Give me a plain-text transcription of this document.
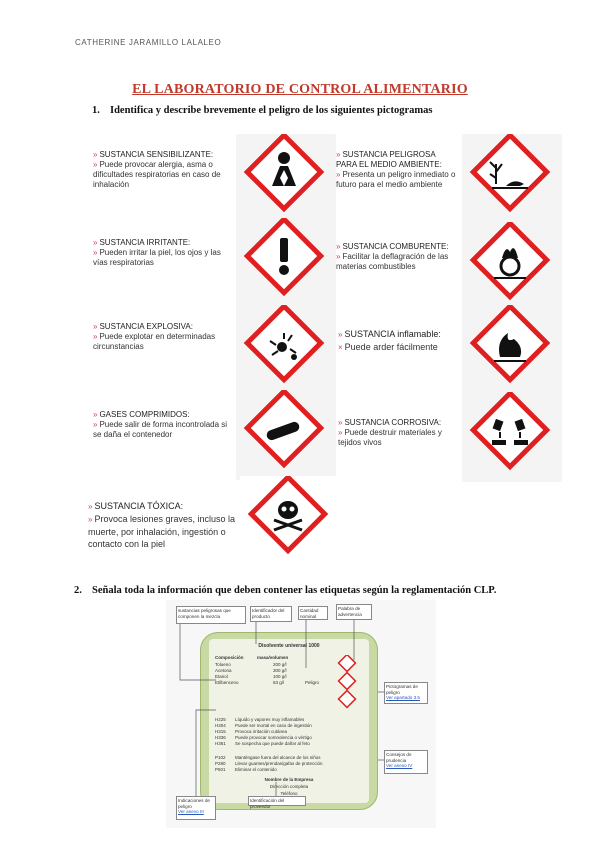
CATHERINE JARAMILLO LALALEO
EL LABORATORIO DE CONTROL ALIMENTARIO
1. Identifica y describe brevemente el peligro de los siguientes pictogramas
» SUSTANCIA SENSIBILIZANTE:
» Puede provocar alergia, asma o dificultades respiratorias en caso de inhalación
» SUSTANCIA PELIGROSA PARA EL MEDIO AMBIENTE:
» Presenta un peligro inmediato o futuro para el medio ambiente
» SUSTANCIA IRRITANTE:
» Pueden irritar la piel, los ojos y las vías respiratorias
» SUSTANCIA COMBURENTE:
» Facilitar la deflagración de las materias combustibles
» SUSTANCIA EXPLOSIVA:
» Puede explotar en determinadas circunstancias
» SUSTANCIA inflamable:
× Puede arder fácilmente
» GASES COMPRIMIDOS:
» Puede salir de forma incontrolada si se daña el contenedor
» SUSTANCIA CORROSIVA:
» Puede destruir materiales y tejidos vivos
» SUSTANCIA TÓXICA:
» Provoca lesiones graves, incluso la muerte, por inhalación, ingestión o contacto con la piel
2. Señala toda la información que deben contener las etiquetas según la reglamentación CLP.
Disolvente universal 1000
Composición	masa/volumen
Tolueno	200 g/l
Acetona	300 g/l
Etanol	100 g/l
Etilbenceno	63 g/l	Peligro
H225 Líquido y vapores muy inflamables
H304 Puede ser mortal en caso de ingestión
H315 Provoca irritación cutánea
H336 Puede provocar somnolencia o vértigo
H361 Se sospecha que puede dañar al feto
P102 Manténgase fuera del alcance de los niños
P280 Llevar guantes/prendas/gafas de protección
P501 Eliminar el contenido
Nombre de la Empresa
Dirección completa
Teléfono
sustancias peligrosas que componen la mezcla
Identificador del producto
Cantidad nominal
Palabra de advertencia
Pictogramas de peligro
Ver apartado 3.5
Consejos de prudencia
Ver anexo IV
Indicaciones de peligro
Ver anexo III
Identificación del proveedor
